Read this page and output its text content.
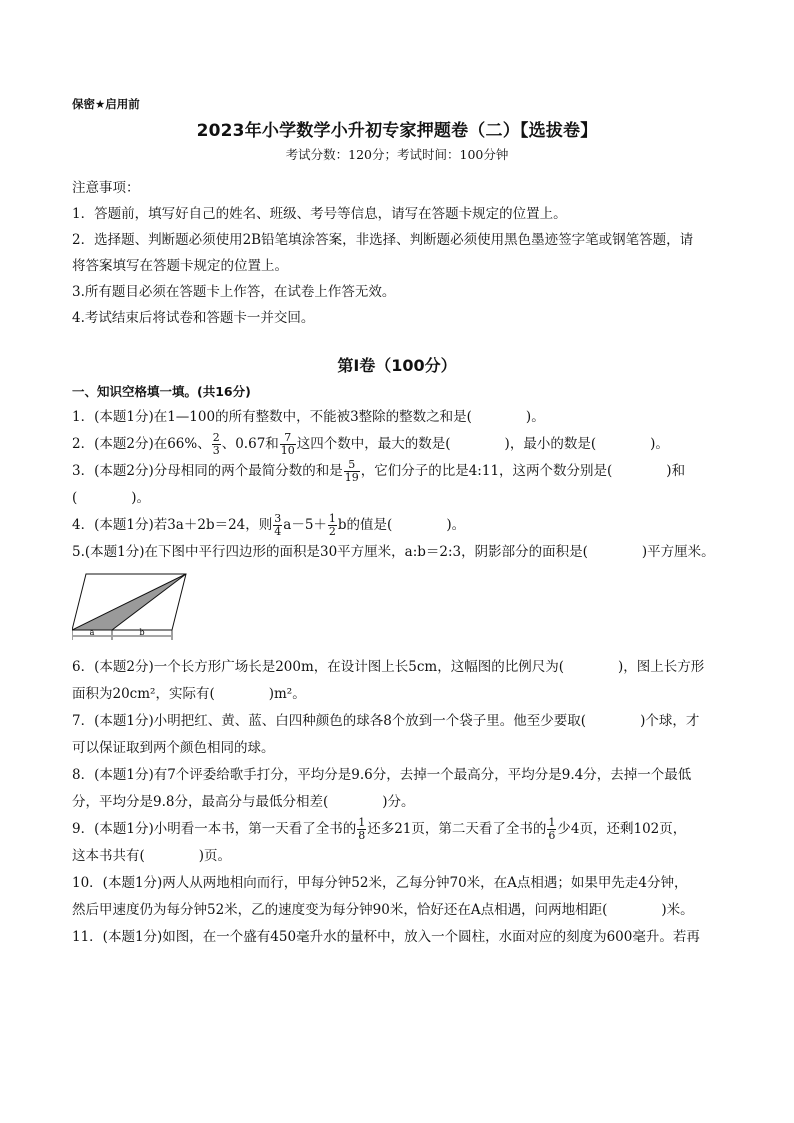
保密★启用前
2023年小学数学小升初专家押题卷（二）【选拔卷】
考试分数：120分；考试时间：100分钟
注意事项：
1．答题前，填写好自己的姓名、班级、考号等信息，请写在答题卡规定的位置上。
2．选择题、判断题必须使用2B铅笔填涂答案，非选择、判断题必须使用黑色墨迹签字笔或钢笔答题，请
将答案填写在答题卡规定的位置上。
3.所有题目必须在答题卡上作答，在试卷上作答无效。
4.考试结束后将试卷和答题卡一并交回。
第I卷（100分）
一、知识空格填一填。(共16分)
1．(本题1分)在1—100的所有整数中，不能被3整除的整数之和是(　　　　)。
2．(本题2分)在66%、 $\frac{2}{3}$ 、0.67和 $\frac{7}{10}$ 这四个数中，最大的数是(　　　　)，最小的数是(　　　　)。
3．(本题2分)分母相同的两个最简分数的和是 $\frac{5}{19}$ ，它们分子的比是4:11，这两个数分别是(　　　　)和
(　　　　)。
4．(本题1分)若3a＋2b＝24，则 $\frac{3}{4} a-5+ \frac{1}{2}$ b的值是(　　　　)。
5.(本题1分)在下图中平行四边形的面积是30平方厘米，a:b＝2:3，阴影部分的面积是(　　　　)平方厘米。
a	b
6．(本题2分)一个长方形广场长是200m，在设计图上长5cm，这幅图的比例尺为(　　　　)，图上长方形
面积为20cm²，实际有(　　　　)m²。
7．(本题1分)小明把红、黄、蓝、白四种颜色的球各8个放到一个袋子里。他至少要取(　　　　)个球，才
可以保证取到两个颜色相同的球。
8．(本题1分)有7个评委给歌手打分，平均分是9.6分，去掉一个最高分，平均分是9.4分，去掉一个最低
分，平均分是9.8分，最高分与最低分相差(　　　　)分。
9．(本题1分)小明看一本书，第一天看了全书的 $\frac{1}{8}$ 还多21页，第二天看了全书的 $\frac{1}{6}$ 少4页，还剩102页，
这本书共有(　　　　)页。
10．(本题1分)两人从两地相向而行，甲每分钟52米，乙每分钟70米，在A点相遇；如果甲先走4分钟，
然后甲速度仍为每分钟52米，乙的速度变为每分钟90米，恰好还在A点相遇，问两地相距(　　　　)米。
11．(本题1分)如图，在一个盛有450毫升水的量杯中，放入一个圆柱，水面对应的刻度为600毫升。若再
